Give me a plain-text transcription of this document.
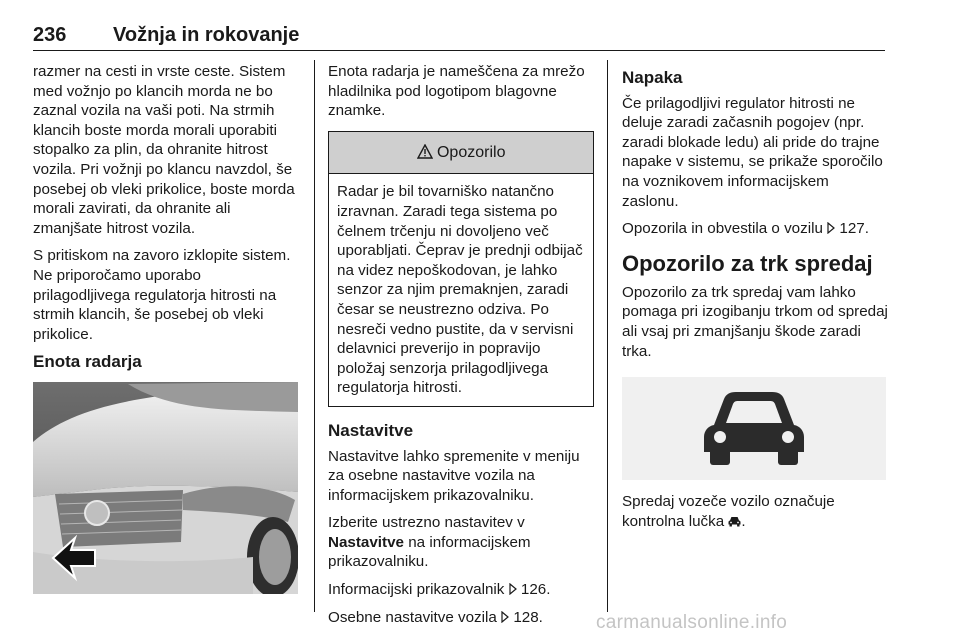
236 Vožnja in rokovanje

razmer na cesti in vrste ceste. Sistem med vožnjo po klancih morda ne bo zaznal vozila na vaši poti. Na strmih klancih boste morda morali uporabiti stopalko za plin, da ohranite hitrost vozila. Pri vožnji po klancu navzdol, še posebej ob vleki prikolice, boste morda morali zavirati, da ohranite ali zmanjšate hitrost vozila.

S pritiskom na zavoro izklopite sistem. Ne priporočamo uporabo prilagodljivega regulatorja hitrosti na strmih klancih, še posebej ob vleki prikolice.

Enota radarja

Enota radarja je nameščena za mrežo hladilnika pod logotipom blagovne znamke.

Opozorilo
Radar je bil tovarniško natančno izravnan. Zaradi tega sistema po čelnem trčenju ni dovoljeno več uporabljati. Čeprav je prednji odbijač na videz nepoškodovan, je lahko senzor za njim premaknjen, zaradi česar se neustrezno odziva. Po nesreči vedno pustite, da v servisni delavnici preverijo in popravijo položaj senzorja prilagodljivega regulatorja hitrosti.
Nastavitve

Nastavitve lahko spremenite v meniju za osebne nastavitve vozila na informacijskem prikazovalniku.

Izberite ustrezno nastavitev v Nastavitve na informacijskem prikazovalniku.

Informacijski prikazovalnik 126.

Osebne nastavitve vozila 128.

Napaka

Če prilagodljivi regulator hitrosti ne deluje zaradi začasnih pogojev (npr. zaradi blokade ledu) ali pride do trajne napake v sistemu, se prikaže sporočilo na voznikovem informacijskem zaslonu.

Opozorila in obvestila o vozilu 127.

Opozorilo za trk spredaj

Opozorilo za trk spredaj vam lahko pomaga pri izogibanju trkom od spredaj ali vsaj pri zmanjšanju škode zaradi trka.

Spredaj vozeče vozilo označuje kontrolna lučka .

carmanualsonline.info
